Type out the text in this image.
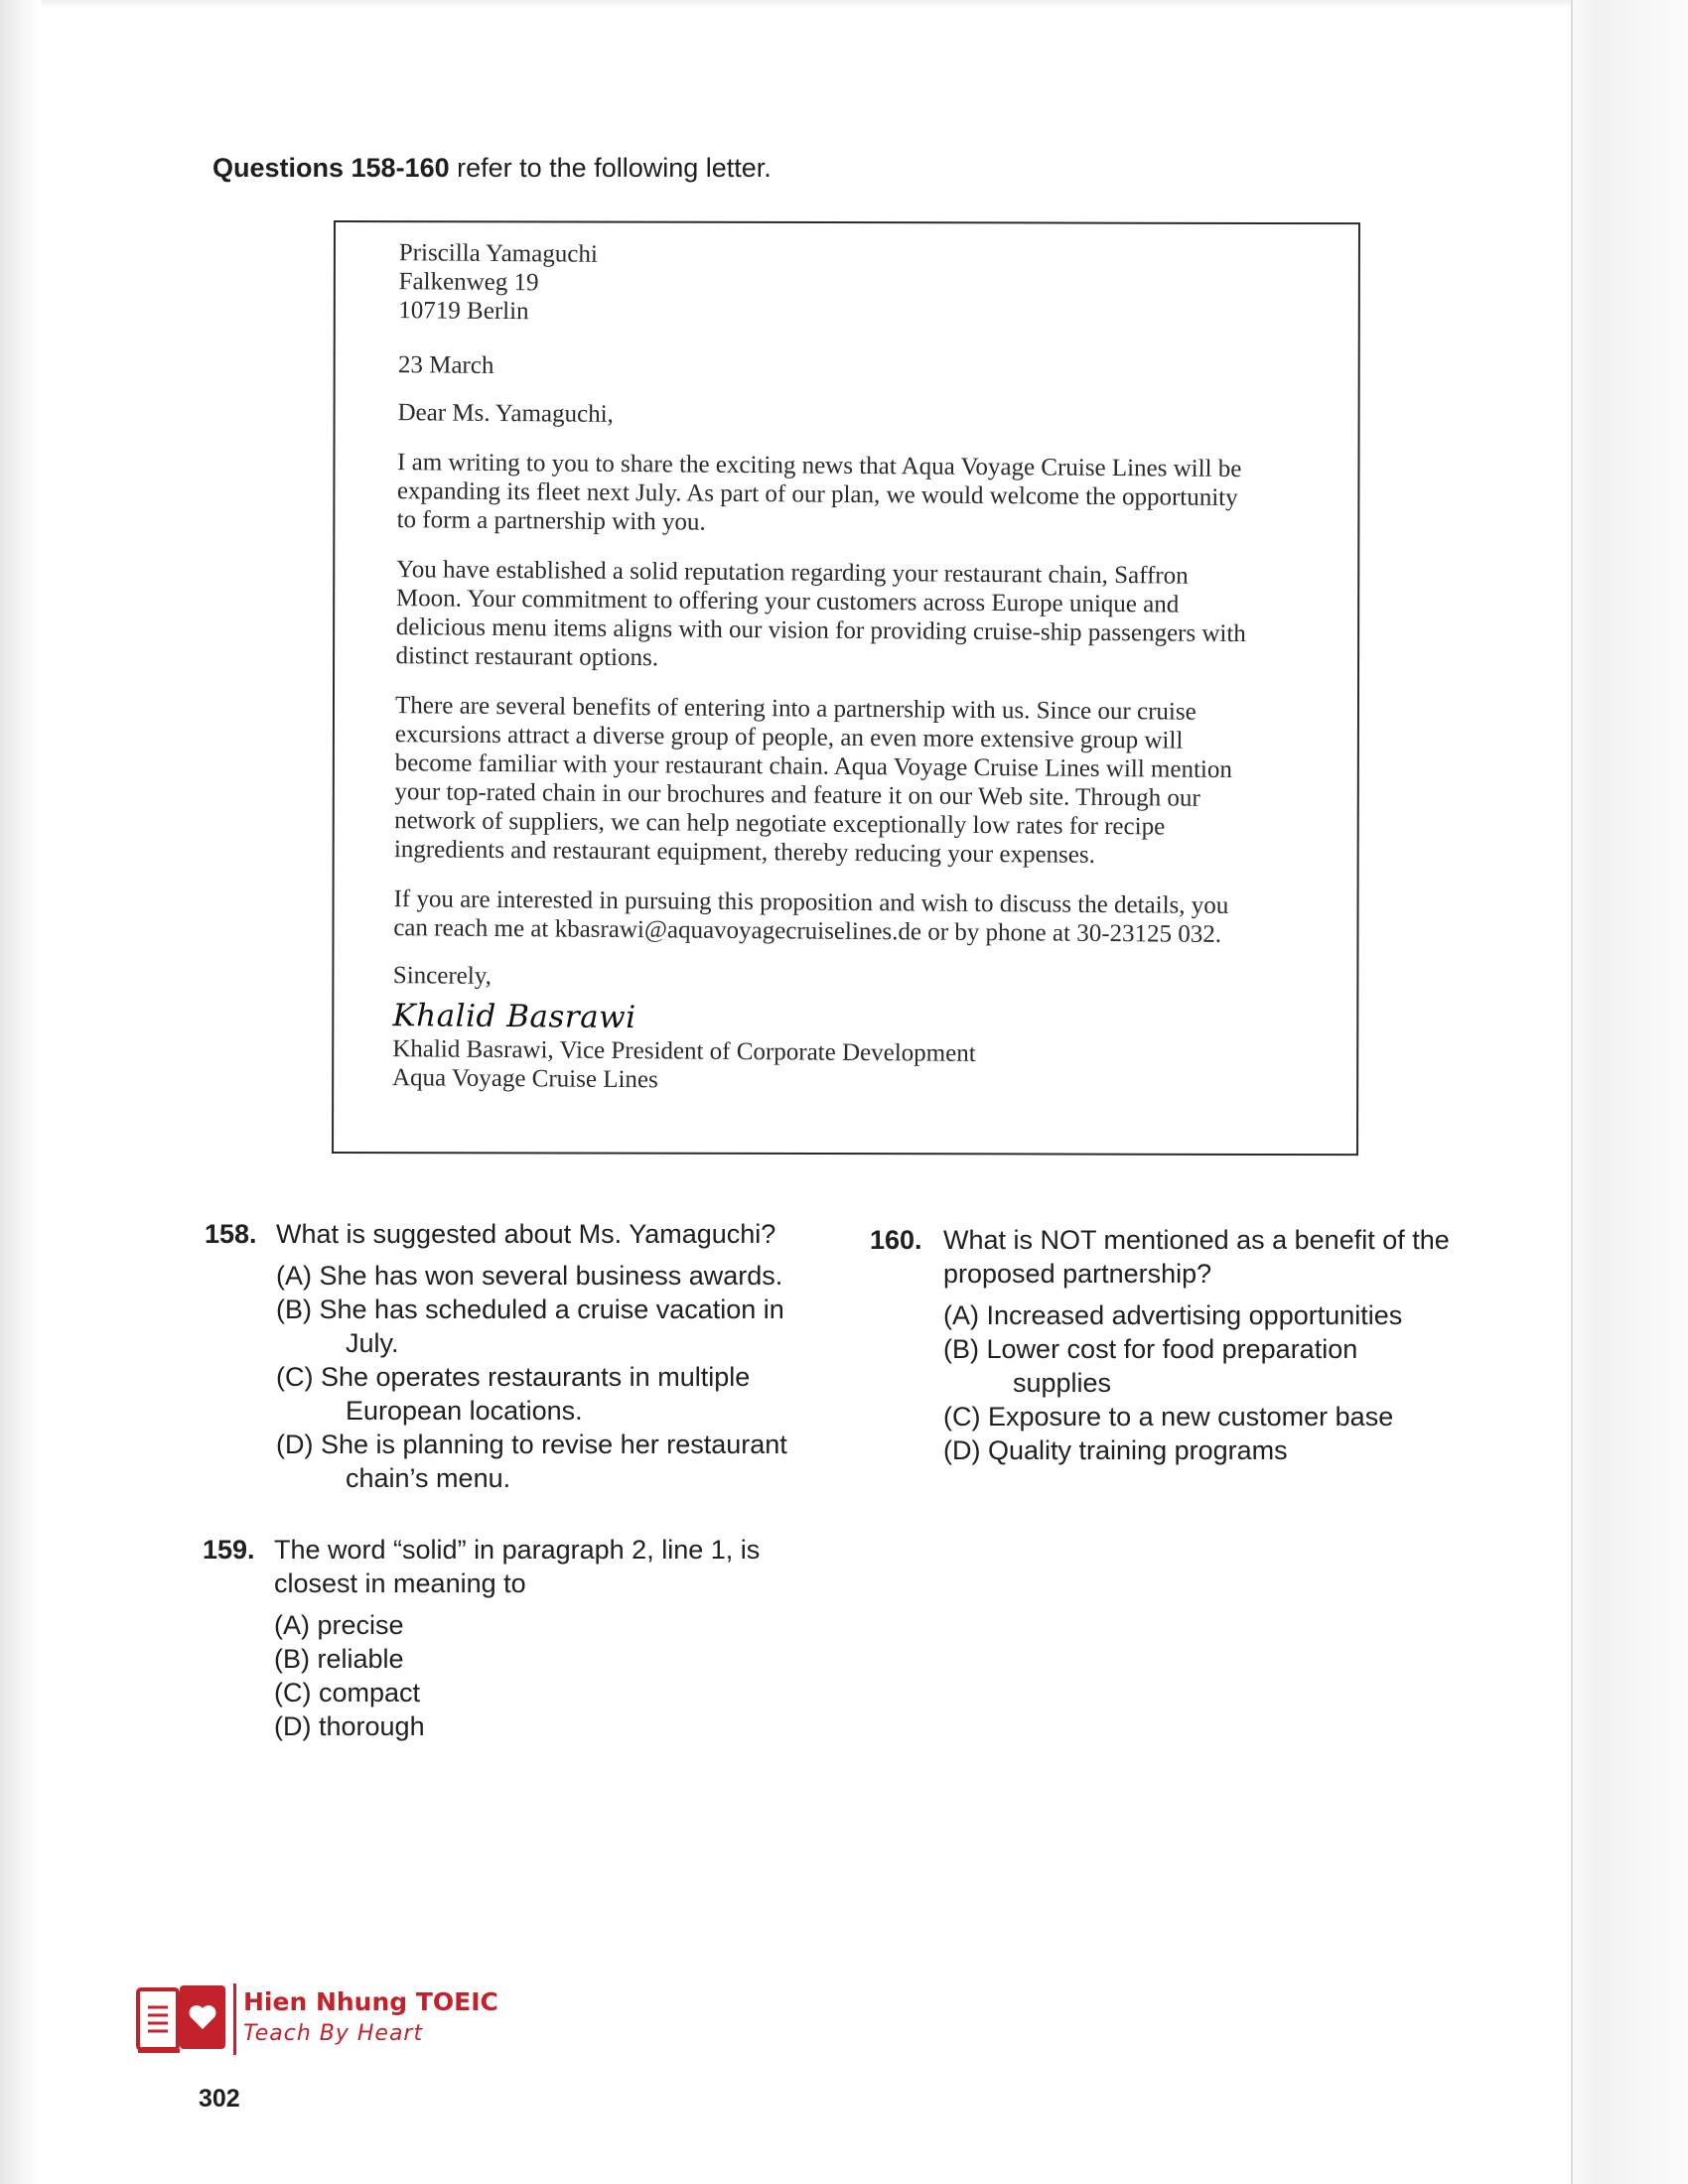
Questions 158-160 refer to the following letter.
Priscilla Yamaguchi
Falkenweg 19
10719 Berlin

23 March

Dear Ms. Yamaguchi,

I am writing to you to share the exciting news that Aqua Voyage Cruise Lines will be
expanding its fleet next July. As part of our plan, we would welcome the opportunity
to form a partnership with you.

You have established a solid reputation regarding your restaurant chain, Saffron
Moon. Your commitment to offering your customers across Europe unique and
delicious menu items aligns with our vision for providing cruise-ship passengers with
distinct restaurant options.

There are several benefits of entering into a partnership with us. Since our cruise
excursions attract a diverse group of people, an even more extensive group will
become familiar with your restaurant chain. Aqua Voyage Cruise Lines will mention
your top-rated chain in our brochures and feature it on our Web site. Through our
network of suppliers, we can help negotiate exceptionally low rates for recipe
ingredients and restaurant equipment, thereby reducing your expenses.

If you are interested in pursuing this proposition and wish to discuss the details, you
can reach me at kbasrawi@aquavoyagecruiselines.de or by phone at 30-23125 032.

Sincerely,

Khalid Basrawi
Khalid Basrawi, Vice President of Corporate Development
Aqua Voyage Cruise Lines
158. What is suggested about Ms. Yamaguchi?
(A) She has won several business awards.
(B) She has scheduled a cruise vacation in
July.
(C) She operates restaurants in multiple
European locations.
(D) She is planning to revise her restaurant
chain’s menu.
159. The word “solid” in paragraph 2, line 1, is
closest in meaning to
(A) precise
(B) reliable
(C) compact
(D) thorough
160. What is NOT mentioned as a benefit of the
proposed partnership?
(A) Increased advertising opportunities
(B) Lower cost for food preparation
supplies
(C) Exposure to a new customer base
(D) Quality training programs
Hien Nhung TOEIC
Teach By Heart
302
